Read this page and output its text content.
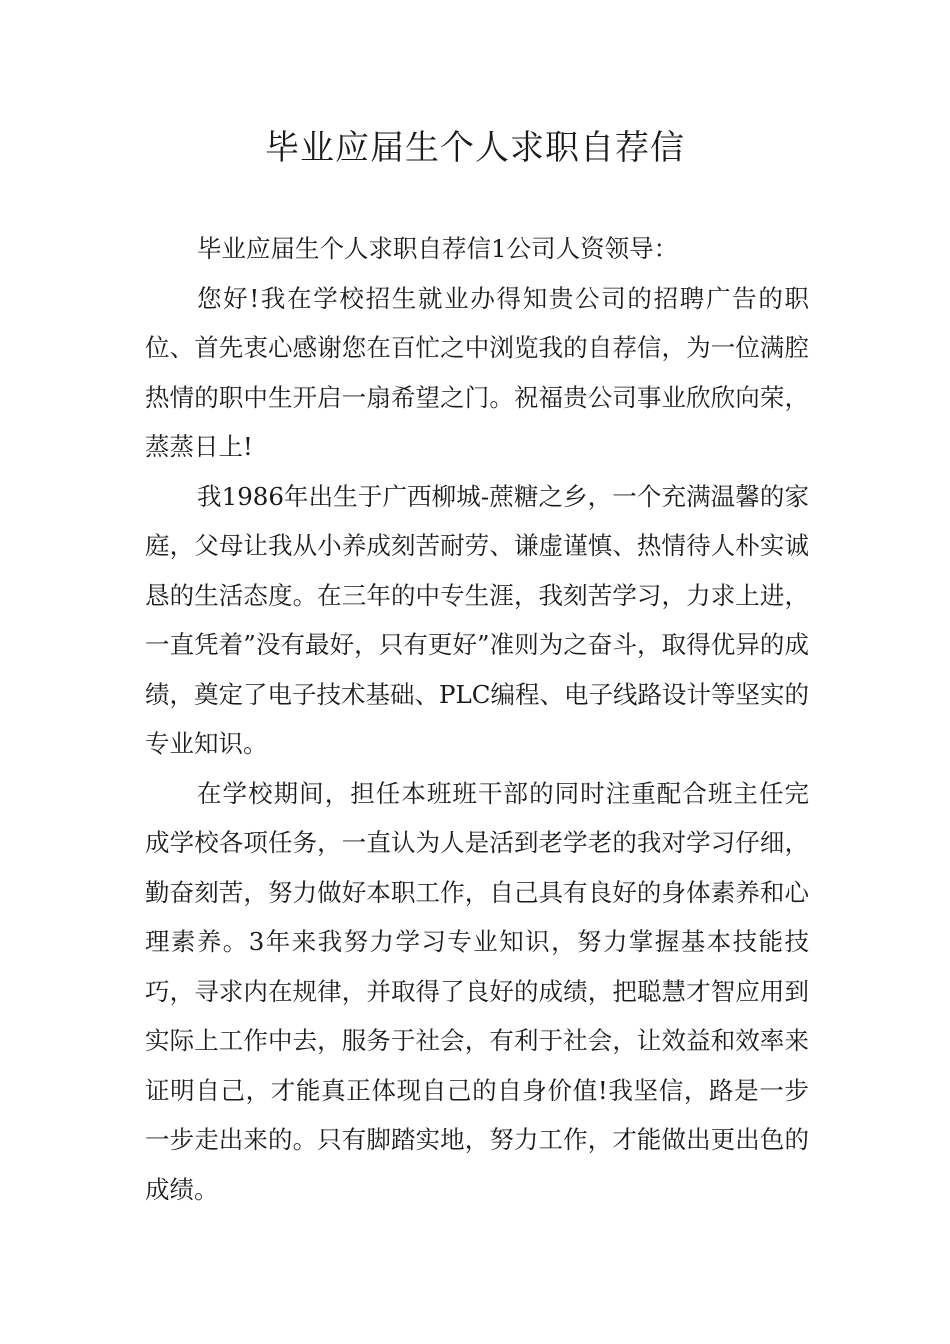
毕业应届生个人求职自荐信

毕业应届生个人求职自荐信1公司人资领导：

您好!我在学校招生就业办得知贵公司的招聘广告的职位、首先衷心感谢您在百忙之中浏览我的自荐信，为一位满腔热情的职中生开启一扇希望之门。祝福贵公司事业欣欣向荣，蒸蒸日上!

我1986年出生于广西柳城-蔗糖之乡，一个充满温馨的家庭，父母让我从小养成刻苦耐劳、谦虚谨慎、热情待人朴实诚恳的生活态度。在三年的中专生涯，我刻苦学习，力求上进，一直凭着”没有最好，只有更好”准则为之奋斗，取得优异的成绩，奠定了电子技术基础、PLC编程、电子线路设计等坚实的专业知识。

在学校期间，担任本班班干部的同时注重配合班主任完成学校各项任务，一直认为人是活到老学老的我对学习仔细，勤奋刻苦，努力做好本职工作，自己具有良好的身体素养和心理素养。3年来我努力学习专业知识，努力掌握基本技能技巧，寻求内在规律，并取得了良好的成绩，把聪慧才智应用到实际上工作中去，服务于社会，有利于社会，让效益和效率来证明自己，才能真正体现自己的自身价值!我坚信，路是一步一步走出来的。只有脚踏实地，努力工作，才能做出更出色的成绩。
